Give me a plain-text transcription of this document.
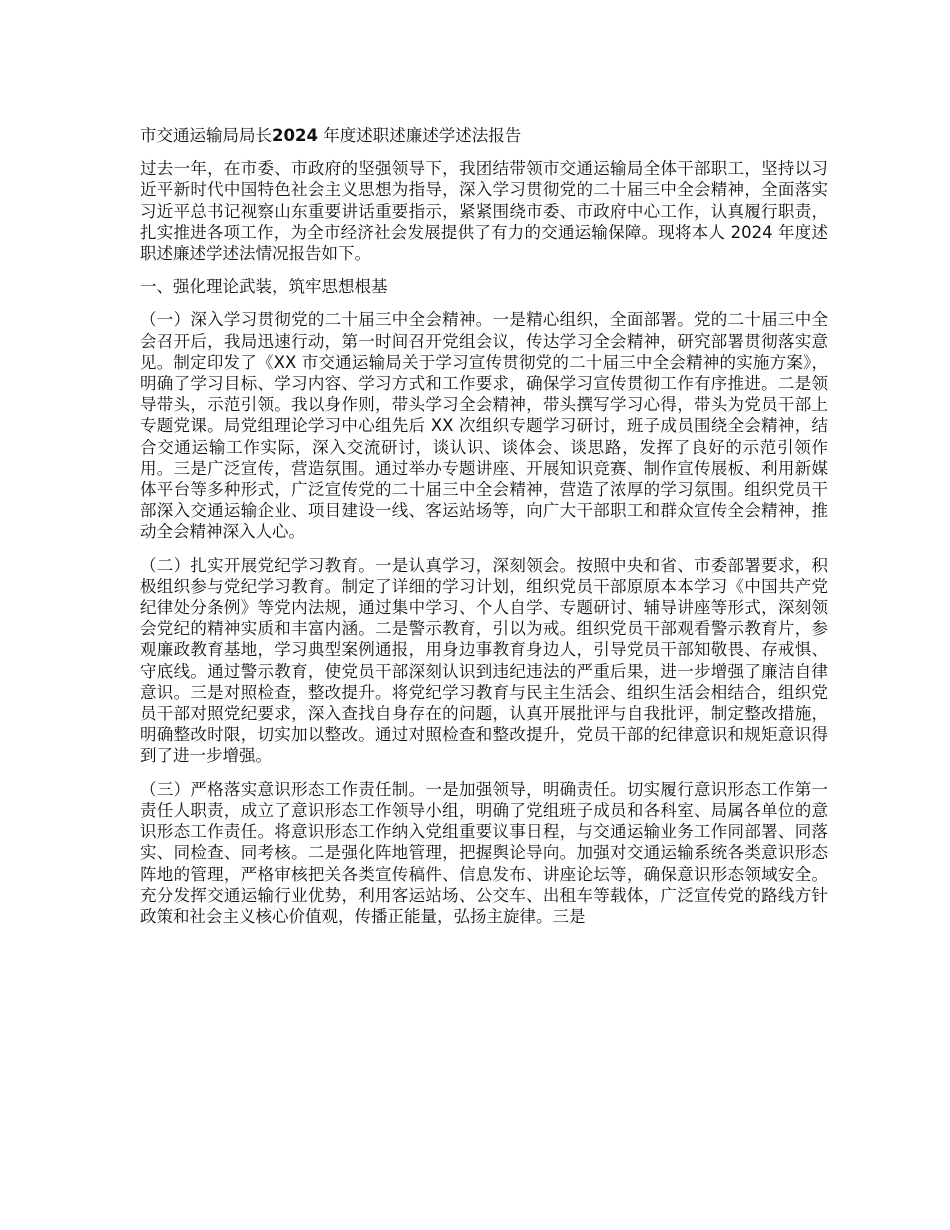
市交通运输局局长2024 年度述职述廉述学述法报告

过去一年，在市委、市政府的坚强领导下，我团结带领市交通运输局全体干部职工，坚持以习近平新时代中国特色社会主义思想为指导，深入学习贯彻党的二十届三中全会精神，全面落实习近平总书记视察山东重要讲话重要指示，紧紧围绕市委、市政府中心工作，认真履行职责，扎实推进各项工作，为全市经济社会发展提供了有力的交通运输保障。现将本人 2024 年度述职述廉述学述法情况报告如下。

一、强化理论武装，筑牢思想根基

（一）深入学习贯彻党的二十届三中全会精神。一是精心组织，全面部署。党的二十届三中全会召开后，我局迅速行动，第一时间召开党组会议，传达学习全会精神，研究部署贯彻落实意见。制定印发了《XX 市交通运输局关于学习宣传贯彻党的二十届三中全会精神的实施方案》，明确了学习目标、学习内容、学习方式和工作要求，确保学习宣传贯彻工作有序推进。二是领导带头，示范引领。我以身作则，带头学习全会精神，带头撰写学习心得，带头为党员干部上专题党课。局党组理论学习中心组先后 XX 次组织专题学习研讨，班子成员围绕全会精神，结合交通运输工作实际，深入交流研讨，谈认识、谈体会、谈思路，发挥了良好的示范引领作用。三是广泛宣传，营造氛围。通过举办专题讲座、开展知识竞赛、制作宣传展板、利用新媒体平台等多种形式，广泛宣传党的二十届三中全会精神，营造了浓厚的学习氛围。组织党员干部深入交通运输企业、项目建设一线、客运站场等，向广大干部职工和群众宣传全会精神，推动全会精神深入人心。

（二）扎实开展党纪学习教育。一是认真学习，深刻领会。按照中央和省、市委部署要求，积极组织参与党纪学习教育。制定了详细的学习计划，组织党员干部原原本本学习《中国共产党纪律处分条例》等党内法规，通过集中学习、个人自学、专题研讨、辅导讲座等形式，深刻领会党纪的精神实质和丰富内涵。二是警示教育，引以为戒。组织党员干部观看警示教育片，参观廉政教育基地，学习典型案例通报，用身边事教育身边人，引导党员干部知敬畏、存戒惧、守底线。通过警示教育，使党员干部深刻认识到违纪违法的严重后果，进一步增强了廉洁自律意识。三是对照检查，整改提升。将党纪学习教育与民主生活会、组织生活会相结合，组织党员干部对照党纪要求，深入查找自身存在的问题，认真开展批评与自我批评，制定整改措施，明确整改时限，切实加以整改。通过对照检查和整改提升，党员干部的纪律意识和规矩意识得到了进一步增强。

（三）严格落实意识形态工作责任制。一是加强领导，明确责任。切实履行意识形态工作第一责任人职责，成立了意识形态工作领导小组，明确了党组班子成员和各科室、局属各单位的意识形态工作责任。将意识形态工作纳入党组重要议事日程，与交通运输业务工作同部署、同落实、同检查、同考核。二是强化阵地管理，把握舆论导向。加强对交通运输系统各类意识形态阵地的管理，严格审核把关各类宣传稿件、信息发布、讲座论坛等，确保意识形态领域安全。充分发挥交通运输行业优势，利用客运站场、公交车、出租车等载体，广泛宣传党的路线方针政策和社会主义核心价值观，传播正能量，弘扬主旋律。三是
